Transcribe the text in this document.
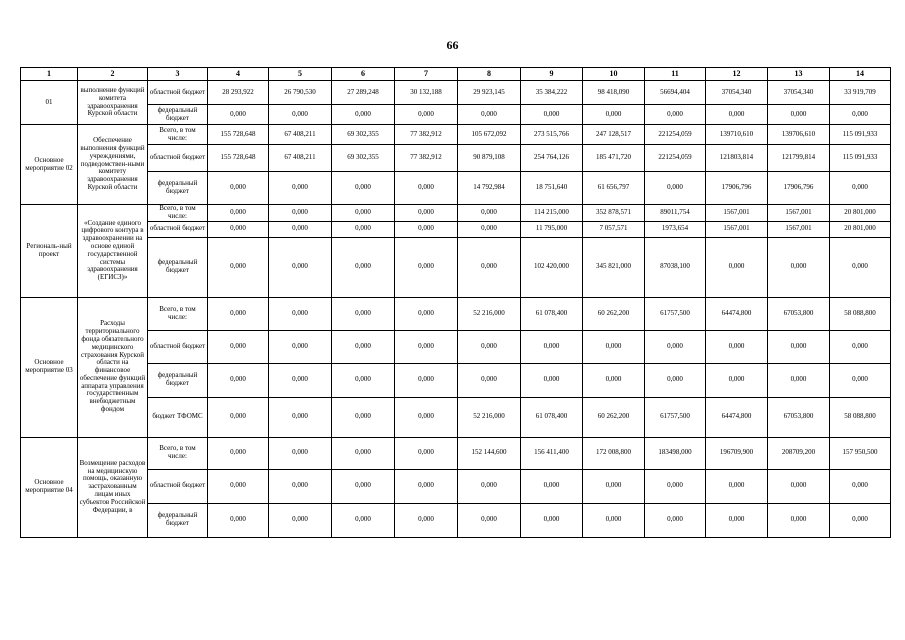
66
1	2	3	4	5	6	7	8	9	10	11	12	13	14
01	выполнение функций комитета здравоохранения Курской области	областной бюджет	28 293,922	26 790,530	27 289,248	30 132,188	29 923,145	35 384,222	98 418,090	56694,404	37054,340	37054,340	33 919,709
		федеральный бюджет	0,000	0,000	0,000	0,000	0,000	0,000	0,000	0,000	0,000	0,000	0,000
Основное мероприятие 02	Обеспечение выполнения функций учреждениями, подведомствен-ными комитету здравоохранения Курской области	Всего, в том числе:	155 728,648	67 408,211	69 302,355	77 382,912	105 672,092	273 515,766	247 128,517	221254,059	139710,610	139706,610	115 091,933
		областной бюджет	155 728,648	67 408,211	69 302,355	77 382,912	90 879,108	254 764,126	185 471,720	221254,059	121803,814	121799,814	115 091,933
		федеральный бюджет	0,000	0,000	0,000	0,000	14 792,984	18 751,640	61 656,797	0,000	17906,796	17906,796	0,000
Региональ-ный проект	«Создание единого цифрового контура в здравоохранении на основе единой государственной системы здравоохранения (ЕГИСЗ)»	Всего, в том числе:	0,000	0,000	0,000	0,000	0,000	114 215,000	352 878,571	89011,754	1567,001	1567,001	20 801,000
		областной бюджет	0,000	0,000	0,000	0,000	0,000	11 795,000	7 057,571	1973,654	1567,001	1567,001	20 801,000
		федеральный бюджет	0,000	0,000	0,000	0,000	0,000	102 420,000	345 821,000	87038,100	0,000	0,000	0,000
Основное мероприятие 03	Расходы территориального фонда обязательного медицинского страхования Курской области на финансовое обеспечение функций аппарата управления государственным внебюджетным фондом	Всего, в том числе:	0,000	0,000	0,000	0,000	52 216,000	61 078,400	60 262,200	61757,500	64474,800	67053,800	58 088,800
		областной бюджет	0,000	0,000	0,000	0,000	0,000	0,000	0,000	0,000	0,000	0,000	0,000
		федеральный бюджет	0,000	0,000	0,000	0,000	0,000	0,000	0,000	0,000	0,000	0,000	0,000
		бюджет ТФОМС	0,000	0,000	0,000	0,000	52 216,000	61 078,400	60 262,200	61757,500	64474,800	67053,800	58 088,800
Основное мероприятие 04	Возмещение расходов на медицинскую помощь, оказанную застрахованным лицам иных субъектов Российской Федерации, в	Всего, в том числе:	0,000	0,000	0,000	0,000	152 144,600	156 411,400	172 008,800	183498,000	196709,900	208709,200	157 950,500
		областной бюджет	0,000	0,000	0,000	0,000	0,000	0,000	0,000	0,000	0,000	0,000	0,000
		федеральный бюджет	0,000	0,000	0,000	0,000	0,000	0,000	0,000	0,000	0,000	0,000	0,000
